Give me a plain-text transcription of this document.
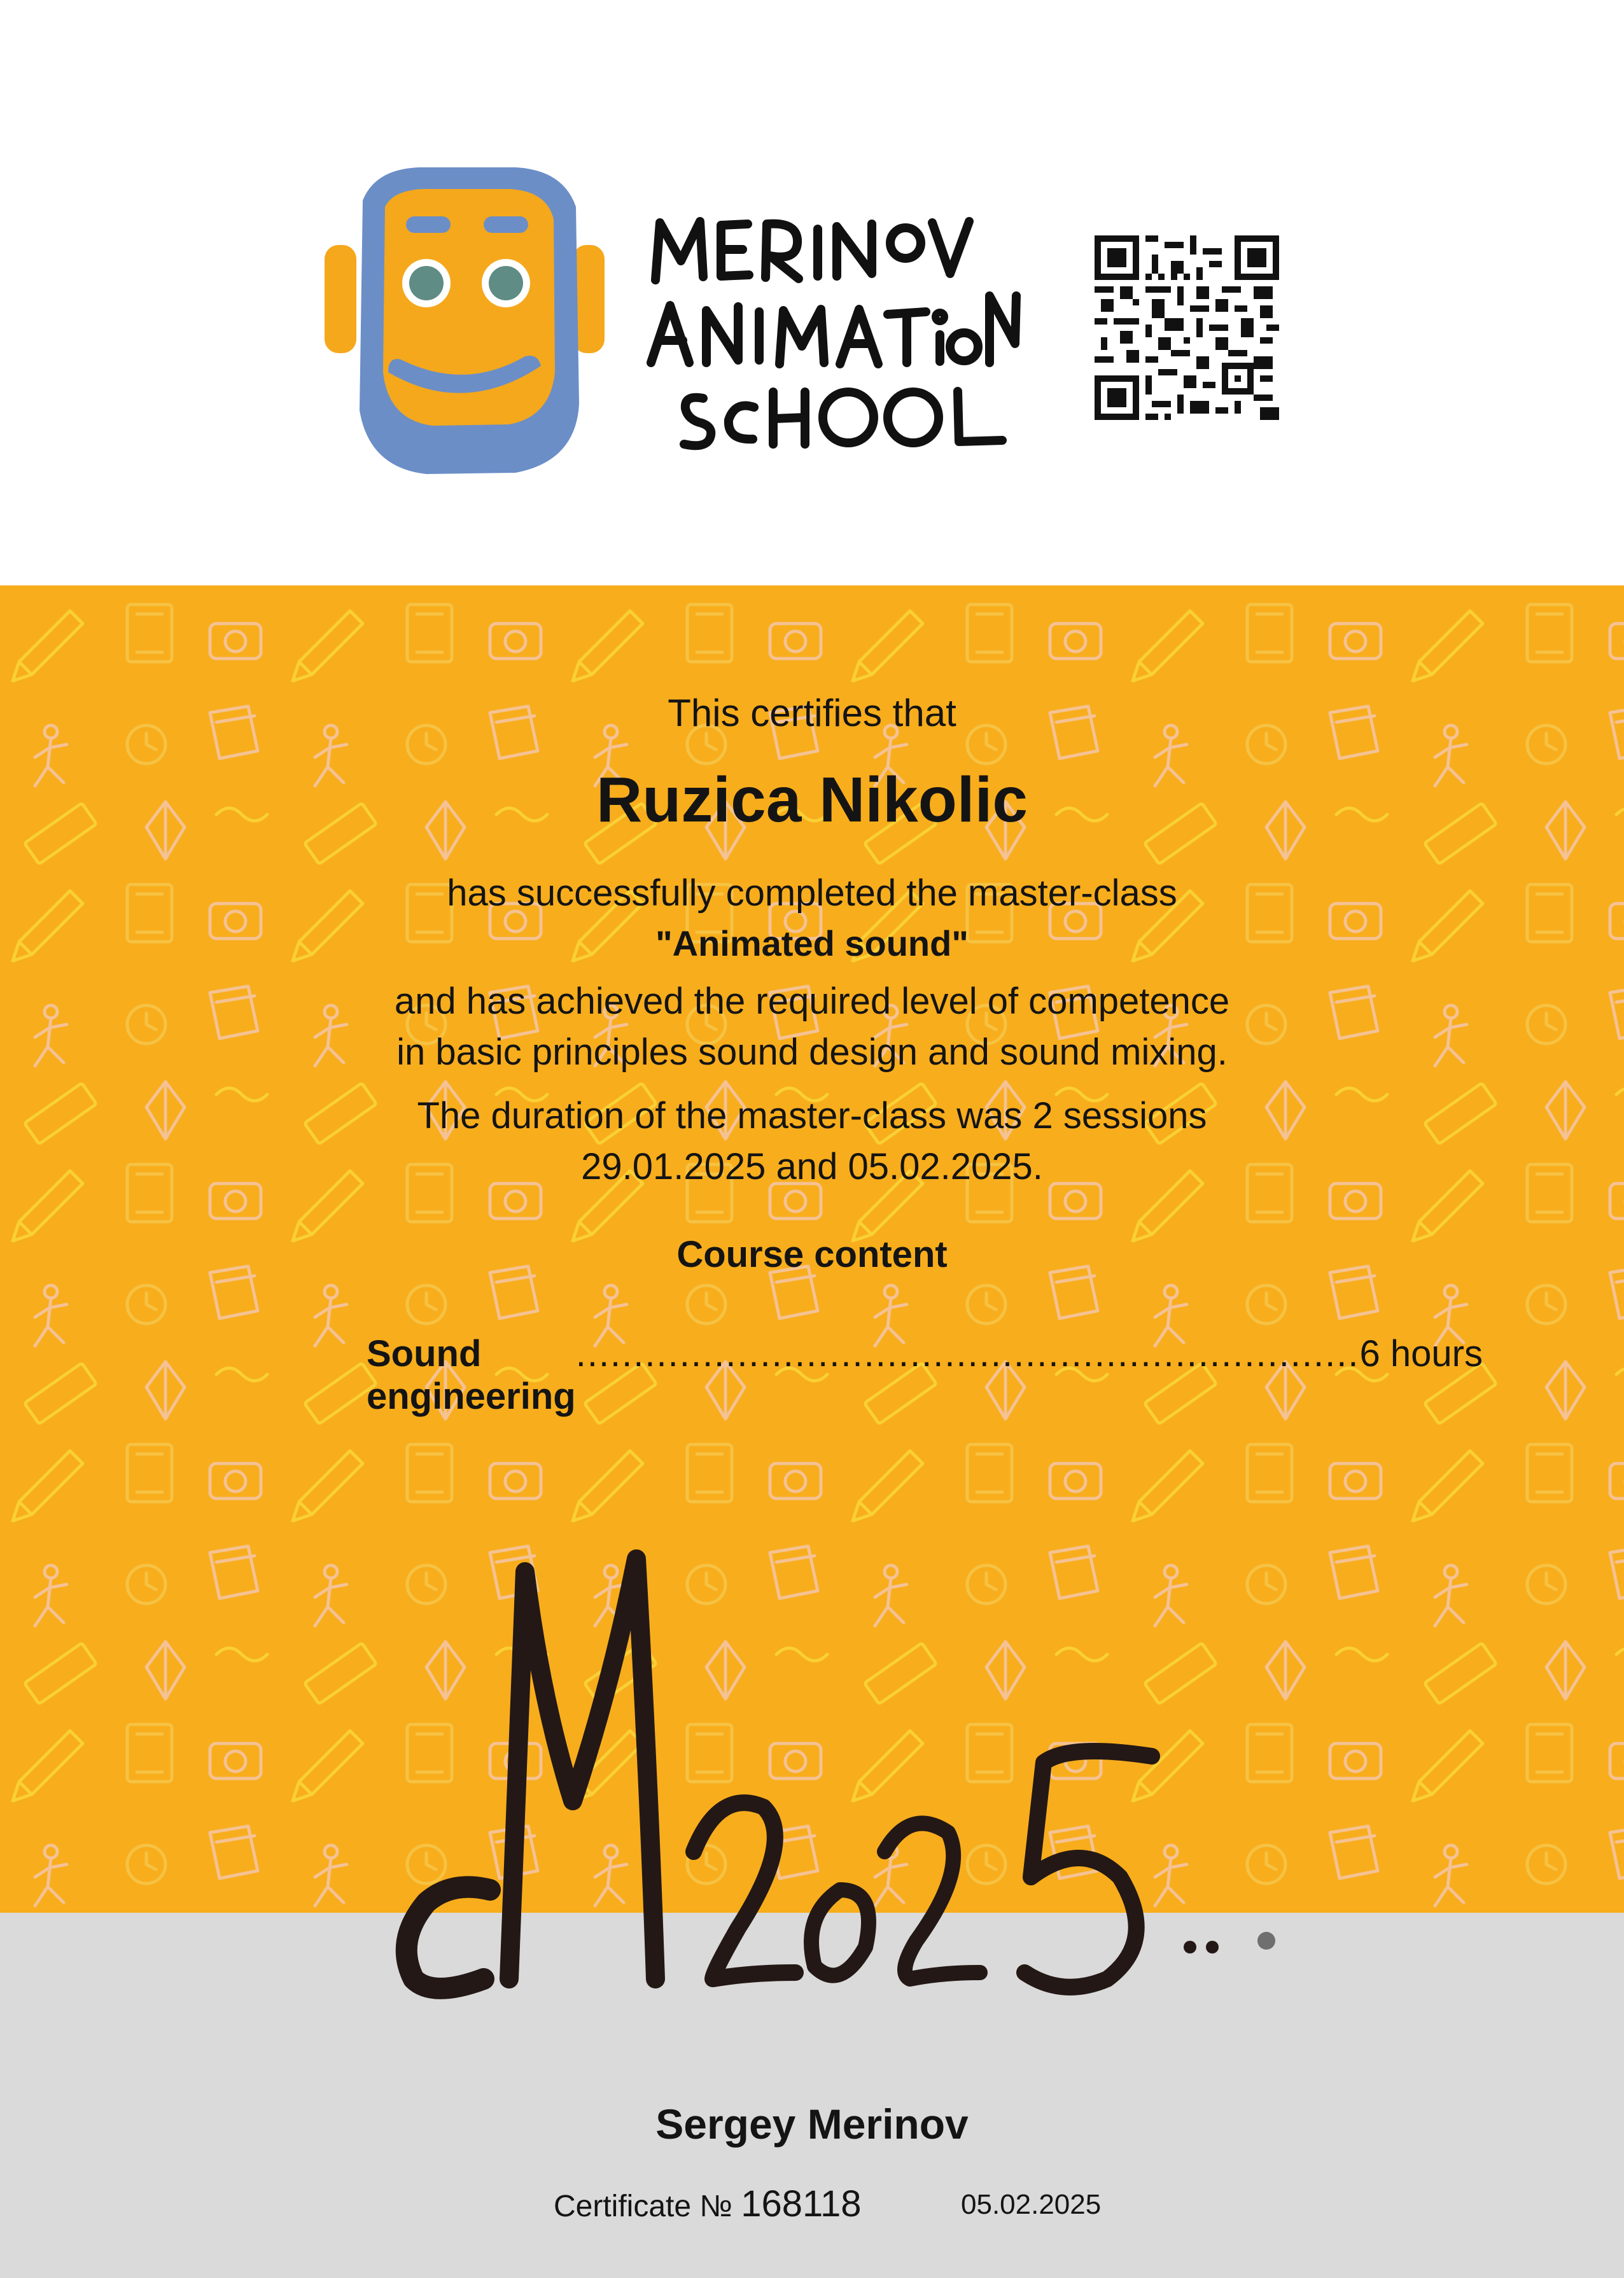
This certifies that
Ruzica Nikolic
has successfully completed the master-class
"Animated sound"
and has achieved the required level of competence
in basic principles sound design and sound mixing.
The duration of the master-class was 2 sessions
29.01.2025 and 05.02.2025.
Course content
Sound engineering
.................................................................... 6 hours
Sergey Merinov
Certificate № 168118	05.02.2025
